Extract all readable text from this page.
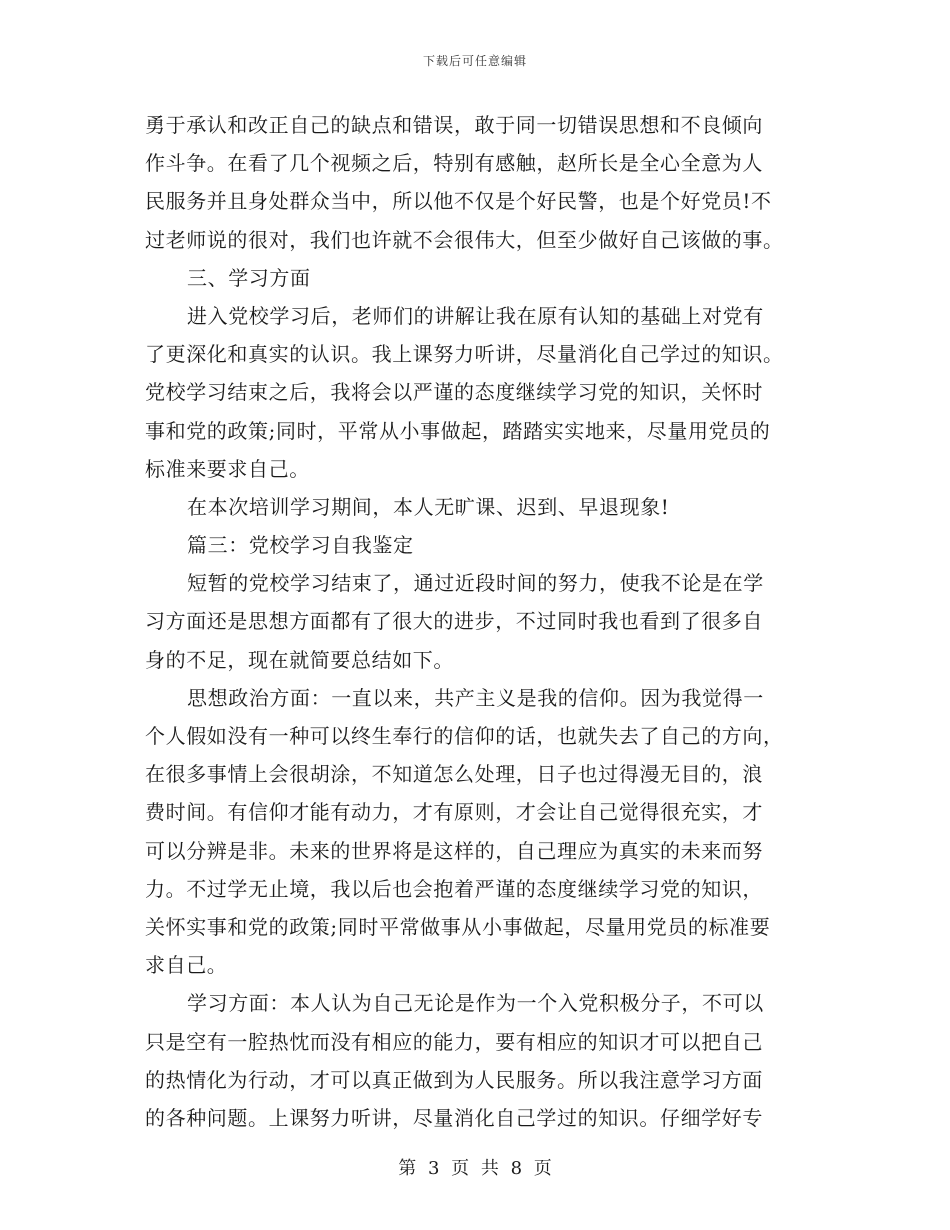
下载后可任意编辑
勇于承认和改正自己的缺点和错误，敢于同一切错误思想和不良倾向
作斗争。在看了几个视频之后，特别有感触，赵所长是全心全意为人
民服务并且身处群众当中，所以他不仅是个好民警，也是个好党员!不
过老师说的很对，我们也许就不会很伟大，但至少做好自己该做的事。
三、学习方面
进入党校学习后，老师们的讲解让我在原有认知的基础上对党有
了更深化和真实的认识。我上课努力听讲，尽量消化自己学过的知识。
党校学习结束之后，我将会以严谨的态度继续学习党的知识，关怀时
事和党的政策;同时，平常从小事做起，踏踏实实地来，尽量用党员的
标准来要求自己。
在本次培训学习期间，本人无旷课、迟到、早退现象!
篇三：党校学习自我鉴定
短暂的党校学习结束了，通过近段时间的努力，使我不论是在学
习方面还是思想方面都有了很大的进步，不过同时我也看到了很多自
身的不足，现在就简要总结如下。
思想政治方面：一直以来，共产主义是我的信仰。因为我觉得一
个人假如没有一种可以终生奉行的信仰的话，也就失去了自己的方向，
在很多事情上会很胡涂，不知道怎么处理，日子也过得漫无目的，浪
费时间。有信仰才能有动力，才有原则，才会让自己觉得很充实，才
可以分辨是非。未来的世界将是这样的，自己理应为真实的未来而努
力。不过学无止境，我以后也会抱着严谨的态度继续学习党的知识，
关怀实事和党的政策;同时平常做事从小事做起，尽量用党员的标准要
求自己。
学习方面：本人认为自己无论是作为一个入党积极分子，不可以
只是空有一腔热忱而没有相应的能力，要有相应的知识才可以把自己
的热情化为行动，才可以真正做到为人民服务。所以我注意学习方面
的各种问题。上课努力听讲，尽量消化自己学过的知识。仔细学好专
第 3 页 共 8 页
